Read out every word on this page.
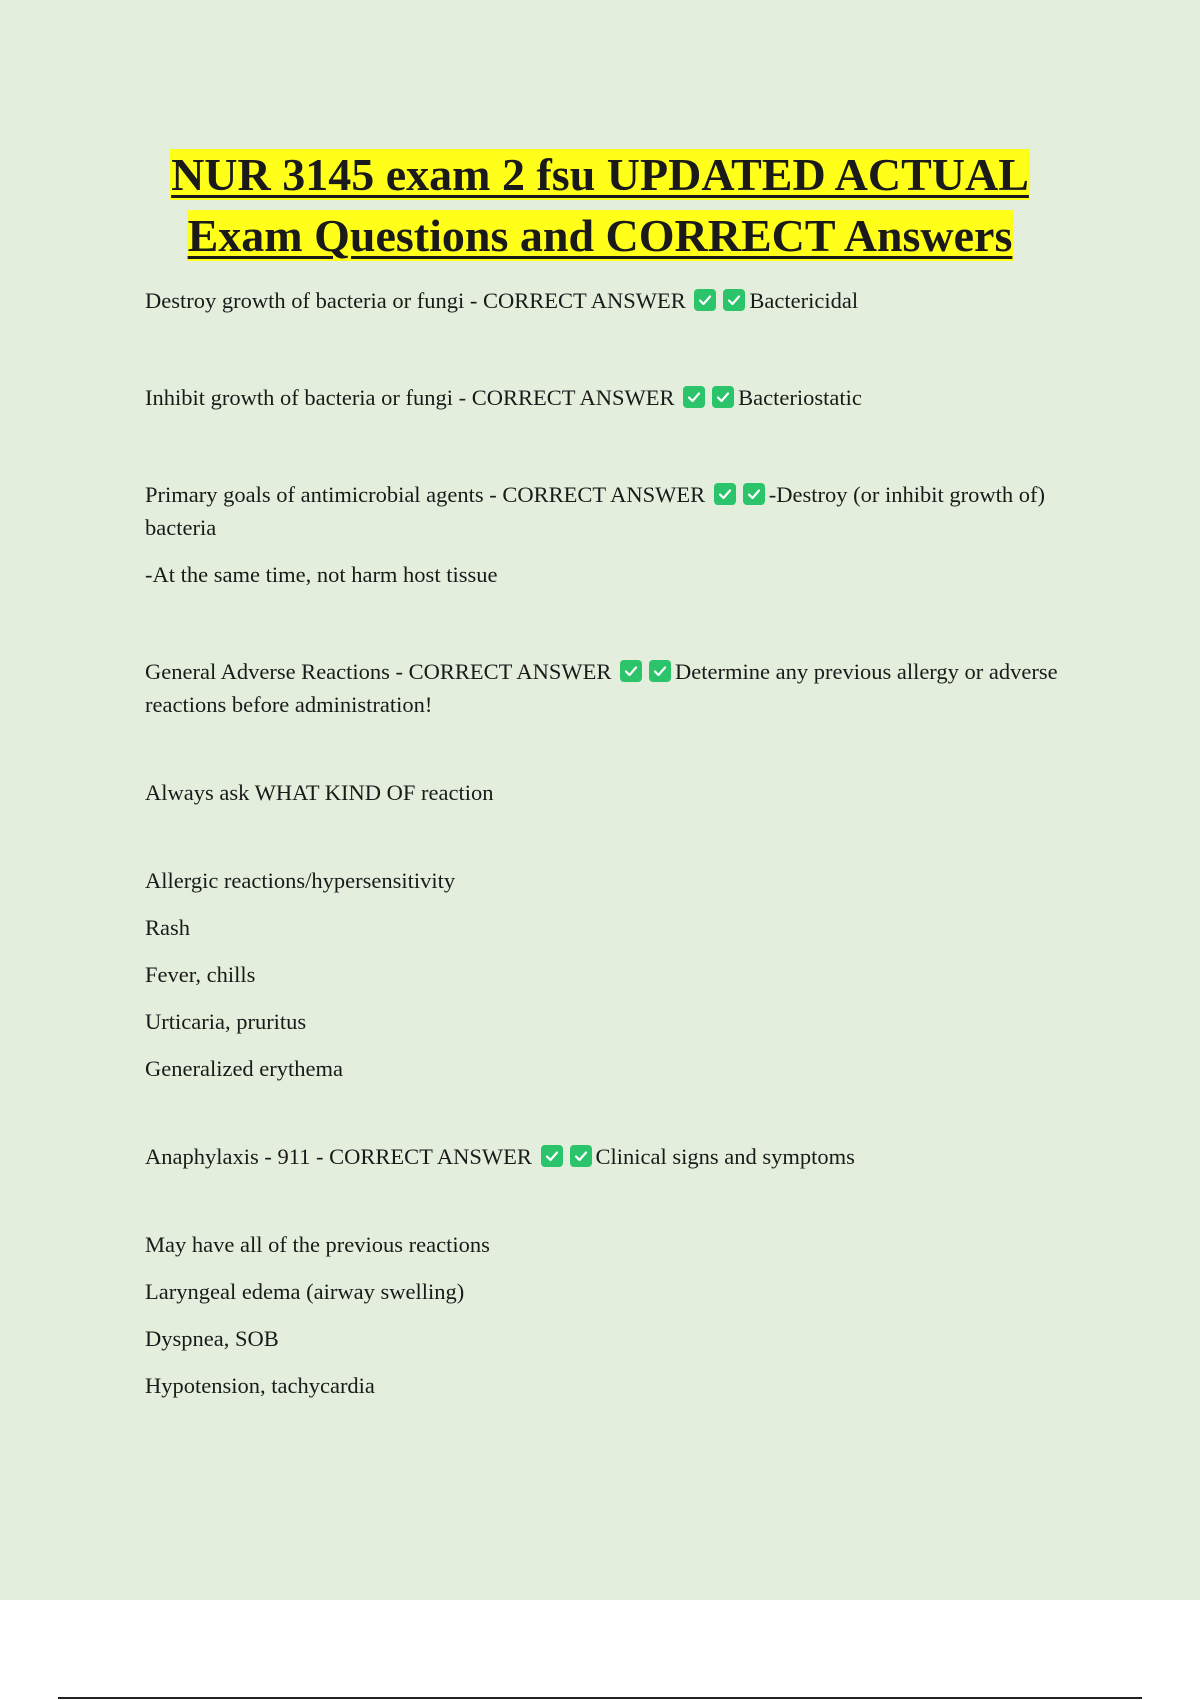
NUR 3145 exam 2 fsu UPDATED ACTUAL
Exam Questions and CORRECT Answers

Destroy growth of bacteria or fungi - CORRECT ANSWER	Bactericidal

Inhibit growth of bacteria or fungi - CORRECT ANSWER	Bacteriostatic

Primary goals of antimicrobial agents - CORRECT ANSWER	-Destroy (or inhibit growth of) bacteria

-At the same time, not harm host tissue

General Adverse Reactions - CORRECT ANSWER	Determine any previous allergy or adverse reactions before administration!

Always ask WHAT KIND OF reaction

Allergic reactions/hypersensitivity

Rash

Fever, chills

Urticaria, pruritus

Generalized erythema

Anaphylaxis - 911 - CORRECT ANSWER	Clinical signs and symptoms

May have all of the previous reactions

Laryngeal edema (airway swelling)

Dyspnea, SOB

Hypotension, tachycardia
